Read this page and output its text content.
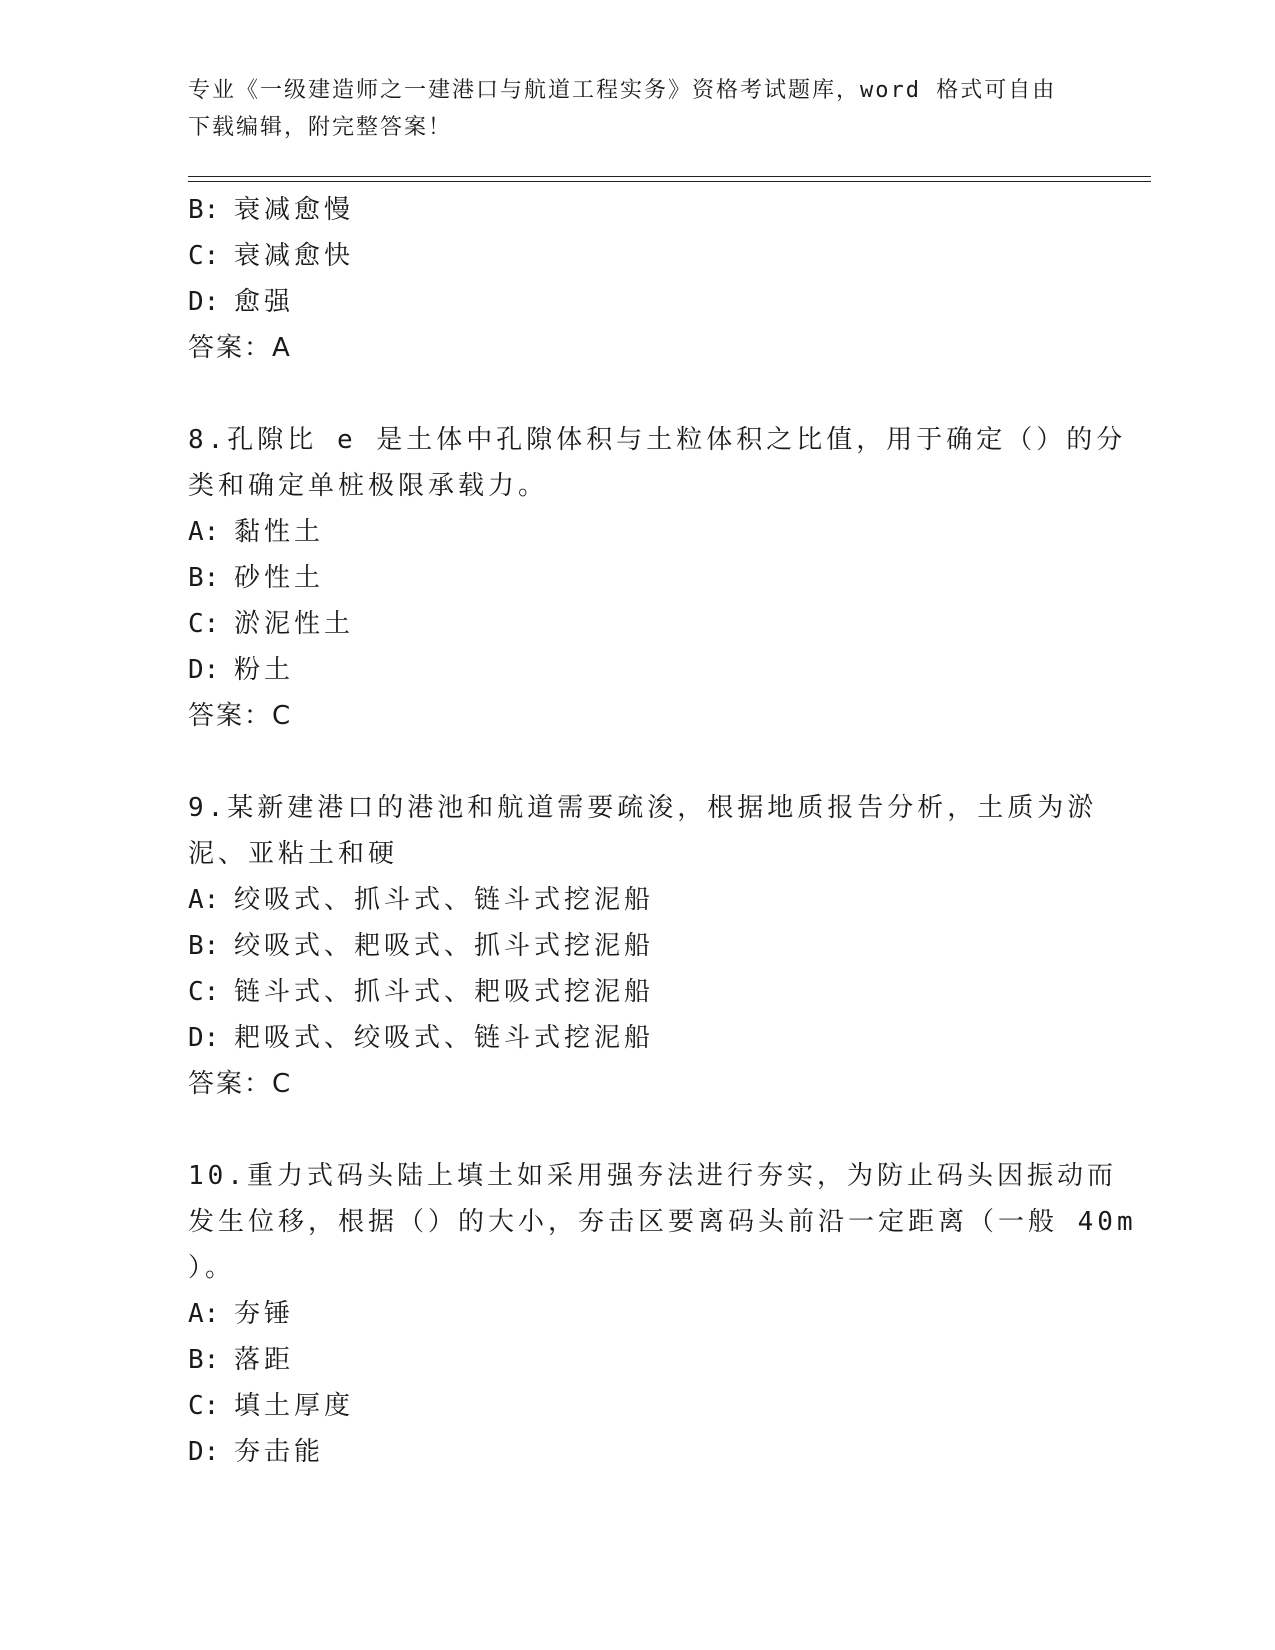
专业《一级建造师之一建港口与航道工程实务》资格考试题库，word 格式可自由
下载编辑，附完整答案！

B: 衰减愈慢

C: 衰减愈快

D: 愈强

答案：A

8.孔隙比 e 是土体中孔隙体积与土粒体积之比值，用于确定（）的分

类和确定单桩极限承载力。

A: 黏性土

B: 砂性土

C: 淤泥性土

D: 粉土

答案：C

9.某新建港口的港池和航道需要疏浚，根据地质报告分析，土质为淤

泥、亚粘土和硬

A: 绞吸式、抓斗式、链斗式挖泥船

B: 绞吸式、耙吸式、抓斗式挖泥船

C: 链斗式、抓斗式、耙吸式挖泥船

D: 耙吸式、绞吸式、链斗式挖泥船

答案：C

10.重力式码头陆上填土如采用强夯法进行夯实，为防止码头因振动而

发生位移，根据（）的大小，夯击区要离码头前沿一定距离（一般 40m

）。

A: 夯锤

B: 落距

C: 填土厚度

D: 夯击能
